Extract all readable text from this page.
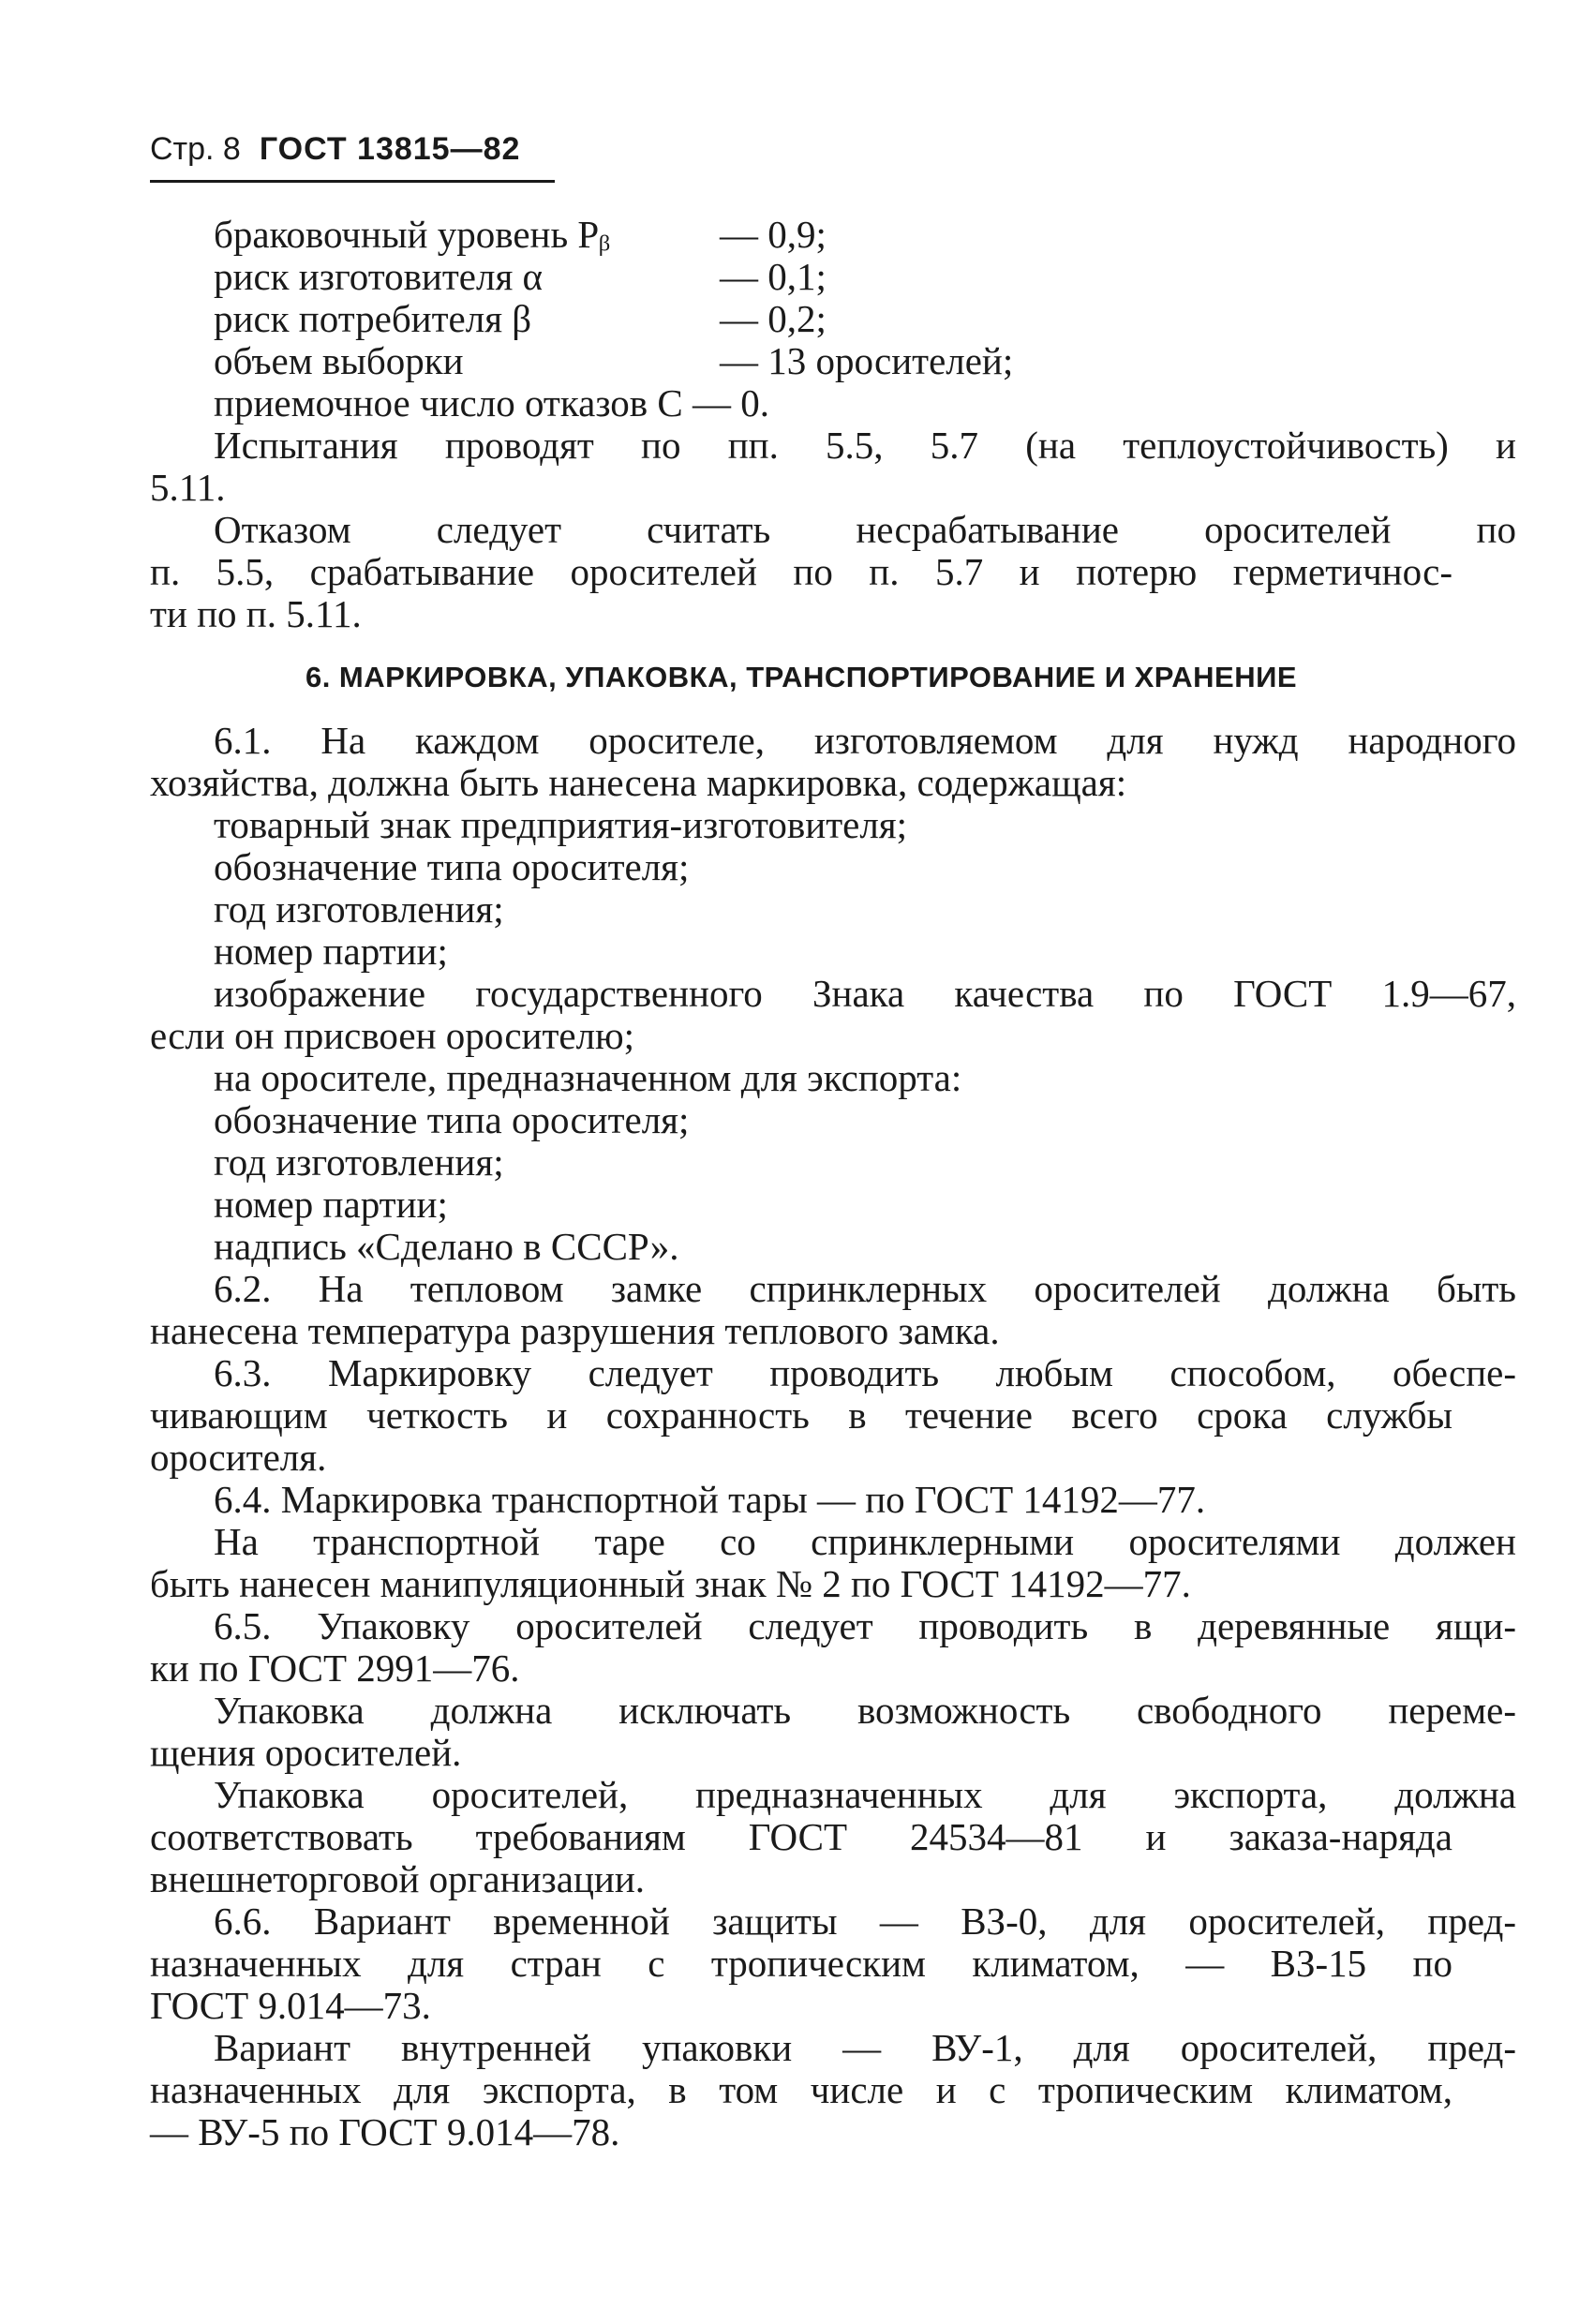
Стр. 8 ГОСТ 13815—82
браковочный уровень Pᵦ	— 0,9;
риск изготовителя α	— 0,1;
риск потребителя β	— 0,2;
объем выборки	— 13 оросителей;
приемочное число отказов C — 0.
Испытания проводят по пп. 5.5, 5.7 (на теплоустойчивость) и
5.11.
Отказом следует считать несрабатывание оросителей по
п. 5.5, срабатывание оросителей по п. 5.7 и потерю герметичнос-
ти по п. 5.11.
6. МАРКИРОВКА, УПАКОВКА, ТРАНСПОРТИРОВАНИЕ И ХРАНЕНИЕ
6.1. На каждом оросителе, изготовляемом для нужд народного
хозяйства, должна быть нанесена маркировка, содержащая:
товарный знак предприятия-изготовителя;
обозначение типа оросителя;
год изготовления;
номер партии;
изображение государственного Знака качества по ГОСТ 1.9—67,
если он присвоен оросителю;
на оросителе, предназначенном для экспорта:
обозначение типа оросителя;
год изготовления;
номер партии;
надпись «Сделано в СССР».
6.2. На тепловом замке спринклерных оросителей должна быть
нанесена температура разрушения теплового замка.
6.3. Маркировку следует проводить любым способом, обеспе-
чивающим четкость и сохранность в течение всего срока службы
оросителя.
6.4. Маркировка транспортной тары — по ГОСТ 14192—77.
На транспортной таре со спринклерными оросителями должен
быть нанесен манипуляционный знак № 2 по ГОСТ 14192—77.
6.5. Упаковку оросителей следует проводить в деревянные ящи-
ки по ГОСТ 2991—76.
Упаковка должна исключать возможность свободного переме-
щения оросителей.
Упаковка оросителей, предназначенных для экспорта, должна
соответствовать требованиям ГОСТ 24534—81 и заказа-наряда
внешнеторговой организации.
6.6. Вариант временной защиты — ВЗ-0, для оросителей, пред-
назначенных для стран с тропическим климатом, — ВЗ-15 по
ГОСТ 9.014—73.
Вариант внутренней упаковки — ВУ-1, для оросителей, пред-
назначенных для экспорта, в том числе и с тропическим климатом,
— ВУ-5 по ГОСТ 9.014—78.
